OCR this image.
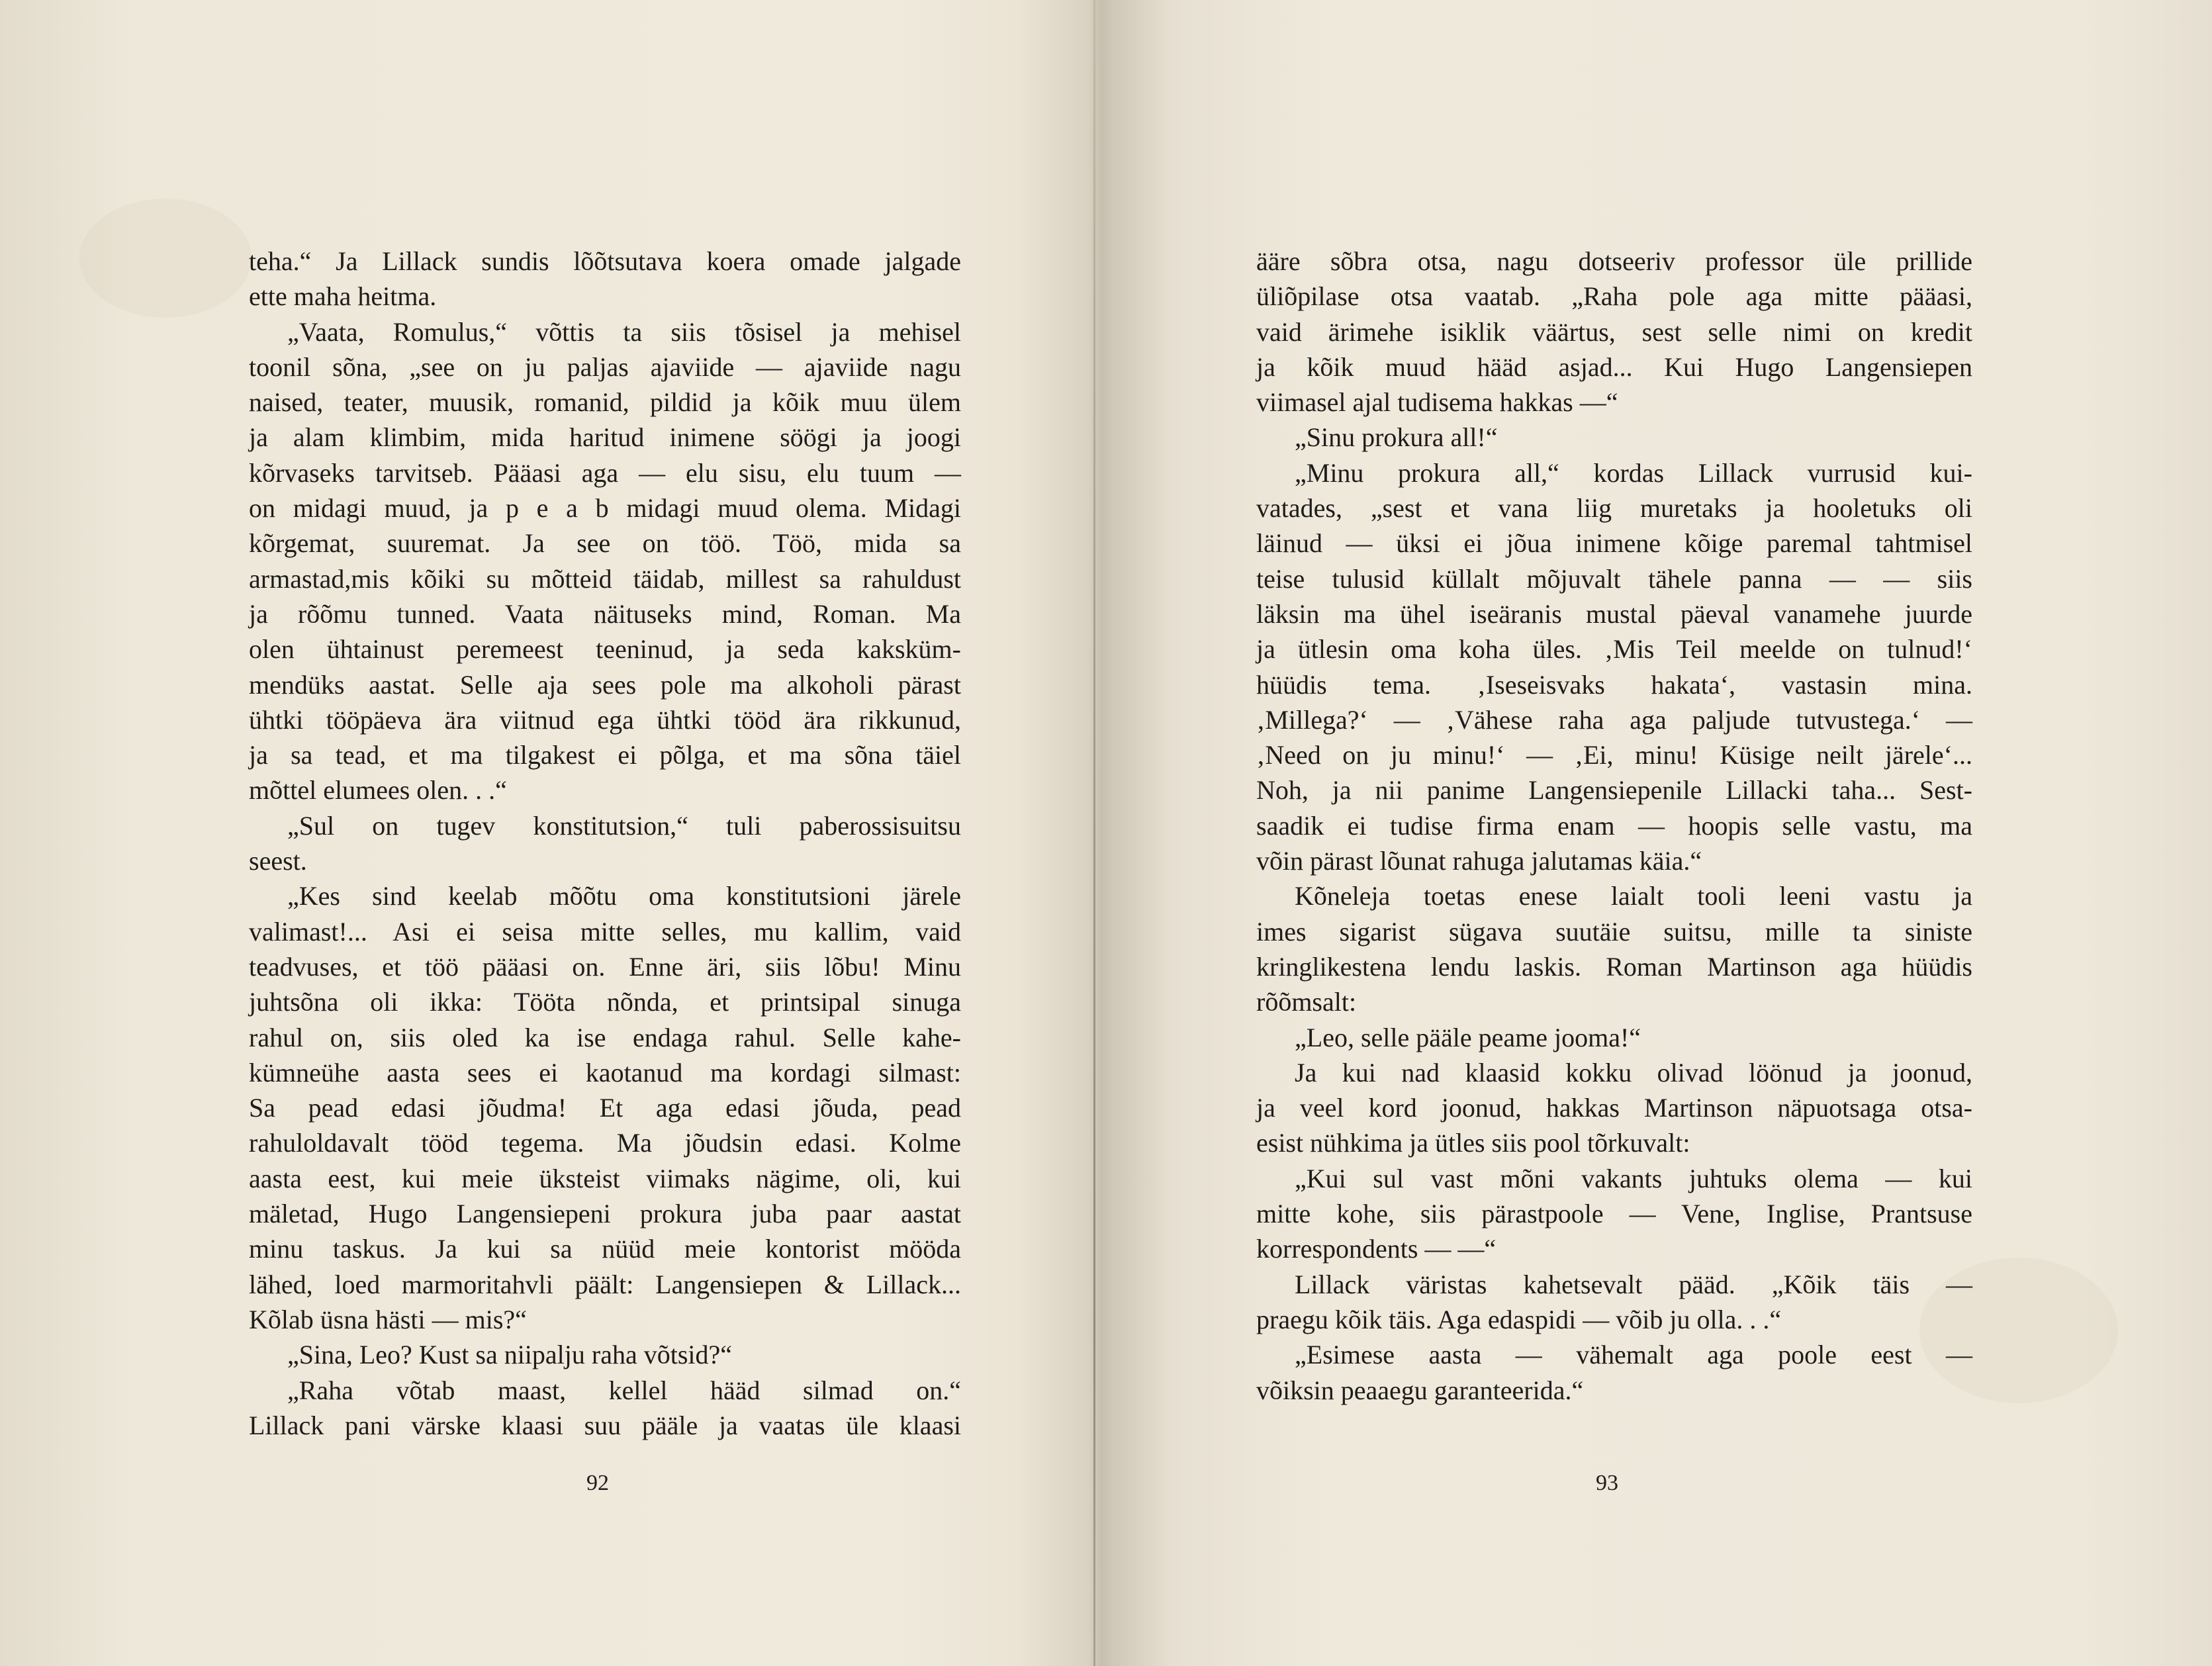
teha.“ Ja Lillack sundis lõõtsutava koera omade jalgade
ette maha heitma.
„Vaata, Romulus,“ võttis ta siis tõsisel ja mehisel
toonil sõna, „see on ju paljas ajaviide — ajaviide nagu
naised, teater, muusik, romanid, pildid ja kõik muu ülem
ja alam klimbim, mida haritud inimene söögi ja joogi
kõrvaseks tarvitseb. Pääasi aga — elu sisu, elu tuum —
on midagi muud, ja p e a b midagi muud olema. Midagi
kõrgemat, suuremat. Ja see on töö. Töö, mida sa
armastad,mis kõiki su mõtteid täidab, millest sa rahuldust
ja rõõmu tunned. Vaata näituseks mind, Roman. Ma
olen ühtainust peremeest teeninud, ja seda kaksküm-
mendüks aastat. Selle aja sees pole ma alkoholi pärast
ühtki tööpäeva ära viitnud ega ühtki tööd ära rikkunud,
ja sa tead, et ma tilgakest ei põlga, et ma sõna täiel
mõttel elumees olen. . .“
„Sul on tugev konstitutsion,“ tuli paberossisuitsu
seest.
„Kes sind keelab mõõtu oma konstitutsioni järele
valimast!... Asi ei seisa mitte selles, mu kallim, vaid
teadvuses, et töö pääasi on. Enne äri, siis lõbu! Minu
juhtsõna oli ikka: Tööta nõnda, et printsipal sinuga
rahul on, siis oled ka ise endaga rahul. Selle kahe-
kümneühe aasta sees ei kaotanud ma kordagi silmast:
Sa pead edasi jõudma! Et aga edasi jõuda, pead
rahuloldavalt tööd tegema. Ma jõudsin edasi. Kolme
aasta eest, kui meie üksteist viimaks nägime, oli, kui
mäletad, Hugo Langensiepeni prokura juba paar aastat
minu taskus. Ja kui sa nüüd meie kontorist mööda
lähed, loed marmoritahvli päält: Langensiepen & Lillack...
Kõlab üsna hästi — mis?“
„Sina, Leo? Kust sa niipalju raha võtsid?“
„Raha võtab maast, kellel hääd silmad on.“
Lillack pani värske klaasi suu pääle ja vaatas üle klaasi
92
ääre sõbra otsa, nagu dotseeriv professor üle prillide
üliõpilase otsa vaatab. „Raha pole aga mitte pääasi,
vaid ärimehe isiklik väärtus, sest selle nimi on kredit
ja kõik muud hääd asjad... Kui Hugo Langensiepen
viimasel ajal tudisema hakkas —“
„Sinu prokura all!“
„Minu prokura all,“ kordas Lillack vurrusid kui-
vatades, „sest et vana liig muretaks ja hooletuks oli
läinud — üksi ei jõua inimene kõige paremal tahtmisel
teise tulusid küllalt mõjuvalt tähele panna — — siis
läksin ma ühel iseäranis mustal päeval vanamehe juurde
ja ütlesin oma koha üles. ‚Mis Teil meelde on tulnud!‘
hüüdis tema. ‚Iseseisvaks hakata‘, vastasin mina.
‚Millega?‘ — ‚Vähese raha aga paljude tutvustega.‘ —
‚Need on ju minu!‘ — ‚Ei, minu! Küsige neilt järele‘...
Noh, ja nii panime Langensiepenile Lillacki taha... Sest-
saadik ei tudise firma enam — hoopis selle vastu, ma
võin pärast lõunat rahuga jalutamas käia.“
Kõneleja toetas enese laialt tooli leeni vastu ja
imes sigarist sügava suutäie suitsu, mille ta siniste
kringlikestena lendu laskis. Roman Martinson aga hüüdis
rõõmsalt:
„Leo, selle pääle peame jooma!“
Ja kui nad klaasid kokku olivad löönud ja joonud,
ja veel kord joonud, hakkas Martinson näpuotsaga otsa-
esist nühkima ja ütles siis pool tõrkuvalt:
„Kui sul vast mõni vakants juhtuks olema — kui
mitte kohe, siis pärastpoole — Vene, Inglise, Prantsuse
korrespondents — —“
Lillack väristas kahetsevalt pääd. „Kõik täis —
praegu kõik täis. Aga edaspidi — võib ju olla. . .“
„Esimese aasta — vähemalt aga poole eest —
võiksin peaaegu garanteerida.“
93
